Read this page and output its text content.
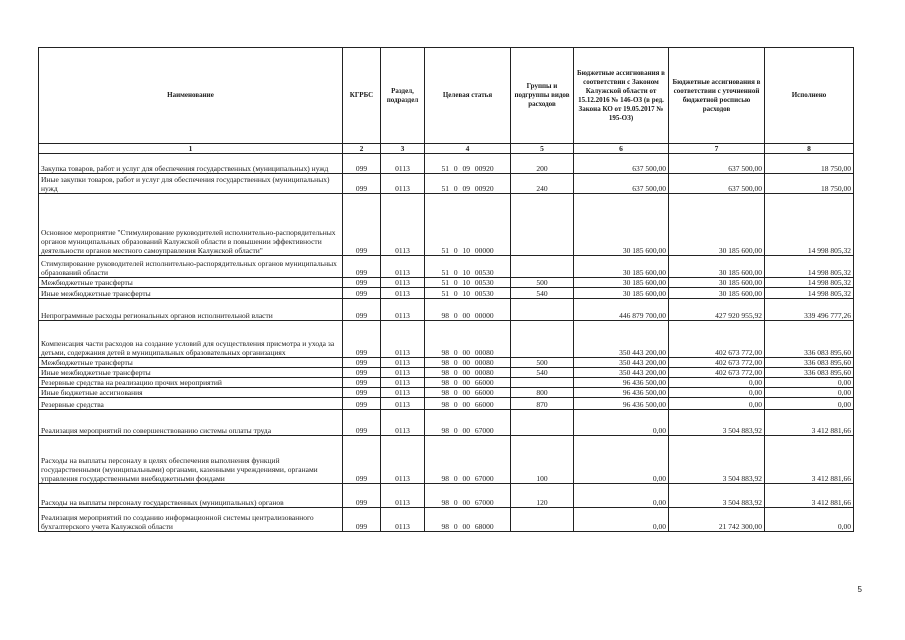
Наименование	КГРБС	Раздел, подраздел	Целевая статья	Группы и подгруппы видов расходов	Бюджетные ассигнования в соответствии с Законом Калужской области от 15.12.2016 № 146-ОЗ (в ред. Закона КО от 19.05.2017 № 195-ОЗ)	Бюджетные ассигнования в соответствии с уточненной бюджетной росписью расходов	Исполнено
1	2	3	4	5	6	7	8
Закупка товаров, работ и услуг для обеспечения государственных (муниципальных) нужд	099	0113	51 0 09 00920	200	637 500,00	637 500,00	18 750,00
Иные закупки товаров, работ и услуг для обеспечения государственных (муниципальных) нужд	099	0113	51 0 09 00920	240	637 500,00	637 500,00	18 750,00
Основное мероприятие "Стимулирование руководителей исполнительно-распорядительных органов муниципальных образований Калужской области в повышении эффективности деятельности органов местного самоуправления Калужской области"	099	0113	51 0 10 00000		30 185 600,00	30 185 600,00	14 998 805,32
Стимулирование руководителей исполнительно-распорядительных органов муниципальных образований области	099	0113	51 0 10 00530		30 185 600,00	30 185 600,00	14 998 805,32
Межбюджетные трансферты	099	0113	51 0 10 00530	500	30 185 600,00	30 185 600,00	14 998 805,32
Иные межбюджетные трансферты	099	0113	51 0 10 00530	540	30 185 600,00	30 185 600,00	14 998 805,32
Непрограммные расходы региональных органов исполнительной власти	099	0113	98 0 00 00000		446 879 700,00	427 920 955,92	339 496 777,26
Компенсация части расходов на создание условий для осуществления присмотра и ухода за детьми, содержания детей в муниципальных образовательных организациях	099	0113	98 0 00 00080		350 443 200,00	402 673 772,00	336 083 895,60
Межбюджетные трансферты	099	0113	98 0 00 00080	500	350 443 200,00	402 673 772,00	336 083 895,60
Иные межбюджетные трансферты	099	0113	98 0 00 00080	540	350 443 200,00	402 673 772,00	336 083 895,60
Резервные средства на реализацию прочих мероприятий	099	0113	98 0 00 66000		96 436 500,00	0,00	0,00
Иные бюджетные ассигнования	099	0113	98 0 00 66000	800	96 436 500,00	0,00	0,00
Резервные средства	099	0113	98 0 00 66000	870	96 436 500,00	0,00	0,00
Реализация мероприятий по совершенствованию системы оплаты труда	099	0113	98 0 00 67000		0,00	3 504 883,92	3 412 881,66
Расходы на выплаты персоналу в целях обеспечения выполнения функций государственными (муниципальными) органами, казенными учреждениями, органами управления государственными внебюджетными фондами	099	0113	98 0 00 67000	100	0,00	3 504 883,92	3 412 881,66
Расходы на выплаты персоналу государственных (муниципальных) органов	099	0113	98 0 00 67000	120	0,00	3 504 883,92	3 412 881,66
Реализация мероприятий по созданию информационной системы централизованного бухгалтерского учета Калужской области	099	0113	98 0 00 68000		0,00	21 742 300,00	0,00
5
